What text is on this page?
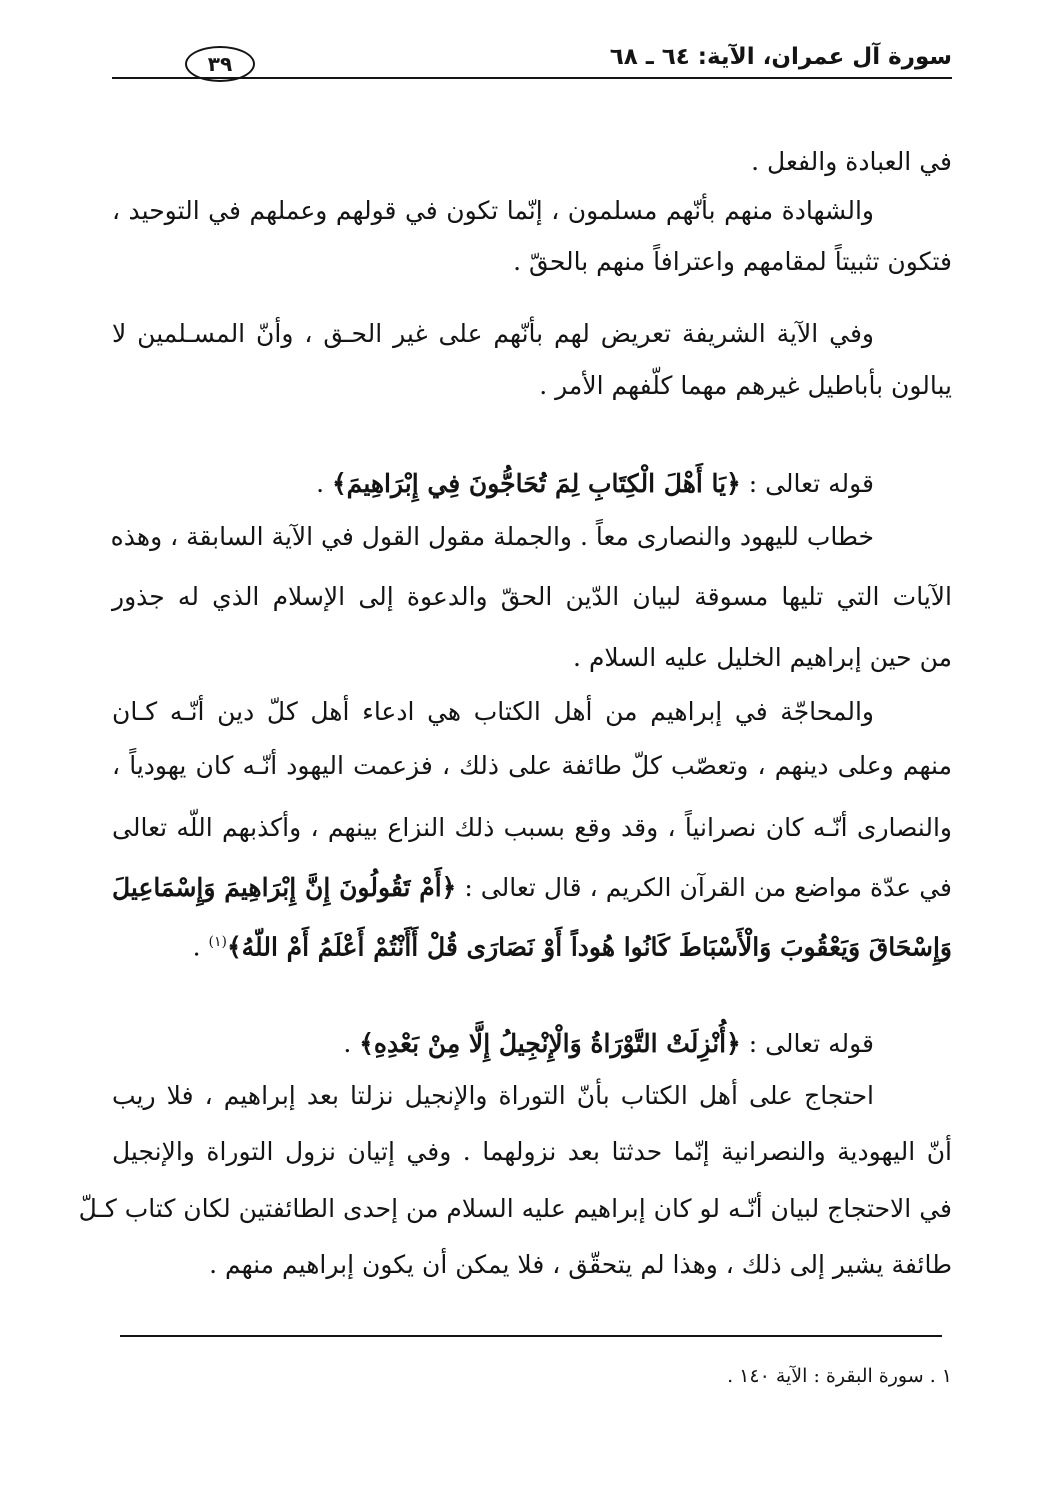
سورة آل عمران، الآية: ٦٤ ـ ٦٨
٣٩
في العبادة والفعل .
والشهادة منهم بأنّهم مسلمون ، إنّما تكون في قولهم وعملهم في التوحيد ،
فتكون تثبيتاً لمقامهم واعترافاً منهم بالحقّ .
وفي الآية الشريفة تعريض لهم بأنّهم على غير الحـق ، وأنّ المسـلمين لا
يبالون بأباطيل غيرهم مهما كلّفهم الأمر .
قوله تعالى : ﴿يَا أَهْلَ الْكِتَابِ لِمَ تُحَاجُّونَ فِي إِبْرَاهِيمَ﴾ .
خطاب لليهود والنصارى معاً . والجملة مقول القول في الآية السابقة ، وهذه
الآيات التي تليها مسوقة لبيان الدّين الحقّ والدعوة إلى الإسلام الذي له جذور
من حين إبراهيم الخليل عليه السلام .
والمحاجّة في إبراهيم من أهل الكتاب هي ادعاء أهل كلّ دين أنّـه كـان
منهم وعلى دينهم ، وتعصّب كلّ طائفة على ذلك ، فزعمت اليهود أنّـه كان يهودياً ،
والنصارى أنّـه كان نصرانياً ، وقد وقع بسبب ذلك النزاع بينهم ، وأكذبهم اللّه تعالى
في عدّة مواضع من القرآن الكريم ، قال تعالى : ﴿أَمْ تَقُولُونَ إِنَّ إِبْرَاهِيمَ وَإِسْمَاعِيلَ
وَإِسْحَاقَ وَيَعْقُوبَ وَالْأَسْبَاطَ كَانُوا هُوداً أَوْ نَصَارَى قُلْ أَأَنْتُمْ أَعْلَمُ أَمْ اللّهُ﴾$^{(١)}$ .
قوله تعالى : ﴿أُنْزِلَتْ التَّوْرَاةُ وَالْإِنْجِيلُ إِلَّا مِنْ بَعْدِهِ﴾ .
احتجاج على أهل الكتاب بأنّ التوراة والإنجيل نزلتا بعد إبراهيم ، فلا ريب
أنّ اليهودية والنصرانية إنّما حدثتا بعد نزولهما . وفي إتيان نزول التوراة والإنجيل
في الاحتجاج لبيان أنّـه لو كان إبراهيم عليه السلام من إحدى الطائفتين لكان كتاب كـلّ
طائفة يشير إلى ذلك ، وهذا لم يتحقّق ، فلا يمكن أن يكون إبراهيم منهم .
١ . سورة البقرة : الآية ١٤٠ .
